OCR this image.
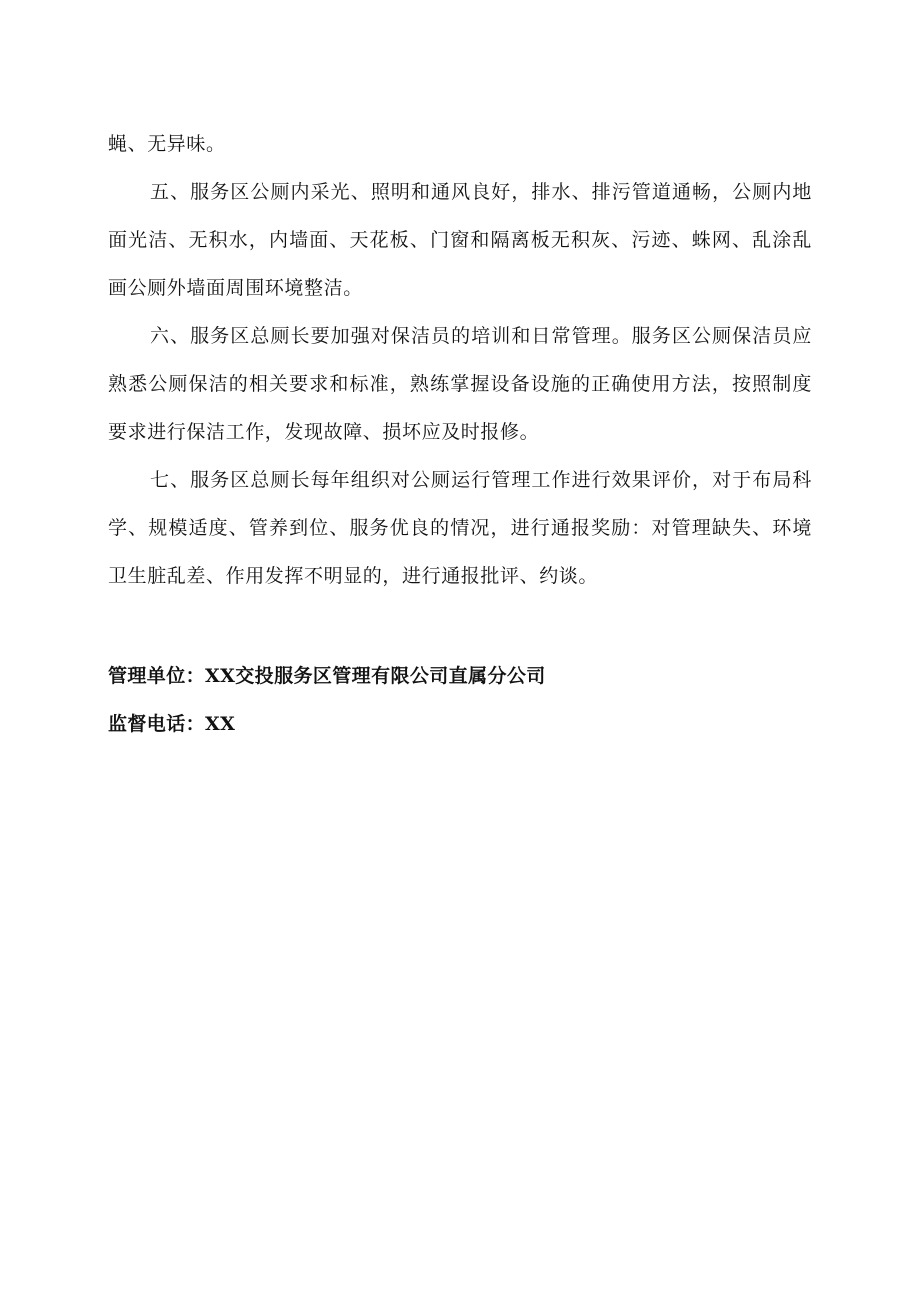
蝇、无异味。

五、服务区公厕内采光、照明和通风良好，排水、排污管道通畅，公厕内地面光洁、无积水，内墙面、天花板、门窗和隔离板无积灰、污迹、蛛网、乱涂乱画公厕外墙面周围环境整洁。

六、服务区总厕长要加强对保洁员的培训和日常管理。服务区公厕保洁员应熟悉公厕保洁的相关要求和标准，熟练掌握设备设施的正确使用方法，按照制度要求进行保洁工作，发现故障、损坏应及时报修。

七、服务区总厕长每年组织对公厕运行管理工作进行效果评价，对于布局科学、规模适度、管养到位、服务优良的情况，进行通报奖励：对管理缺失、环境卫生脏乱差、作用发挥不明显的，进行通报批评、约谈。

管理单位：XX交投服务区管理有限公司直属分公司
监督电话：XX
